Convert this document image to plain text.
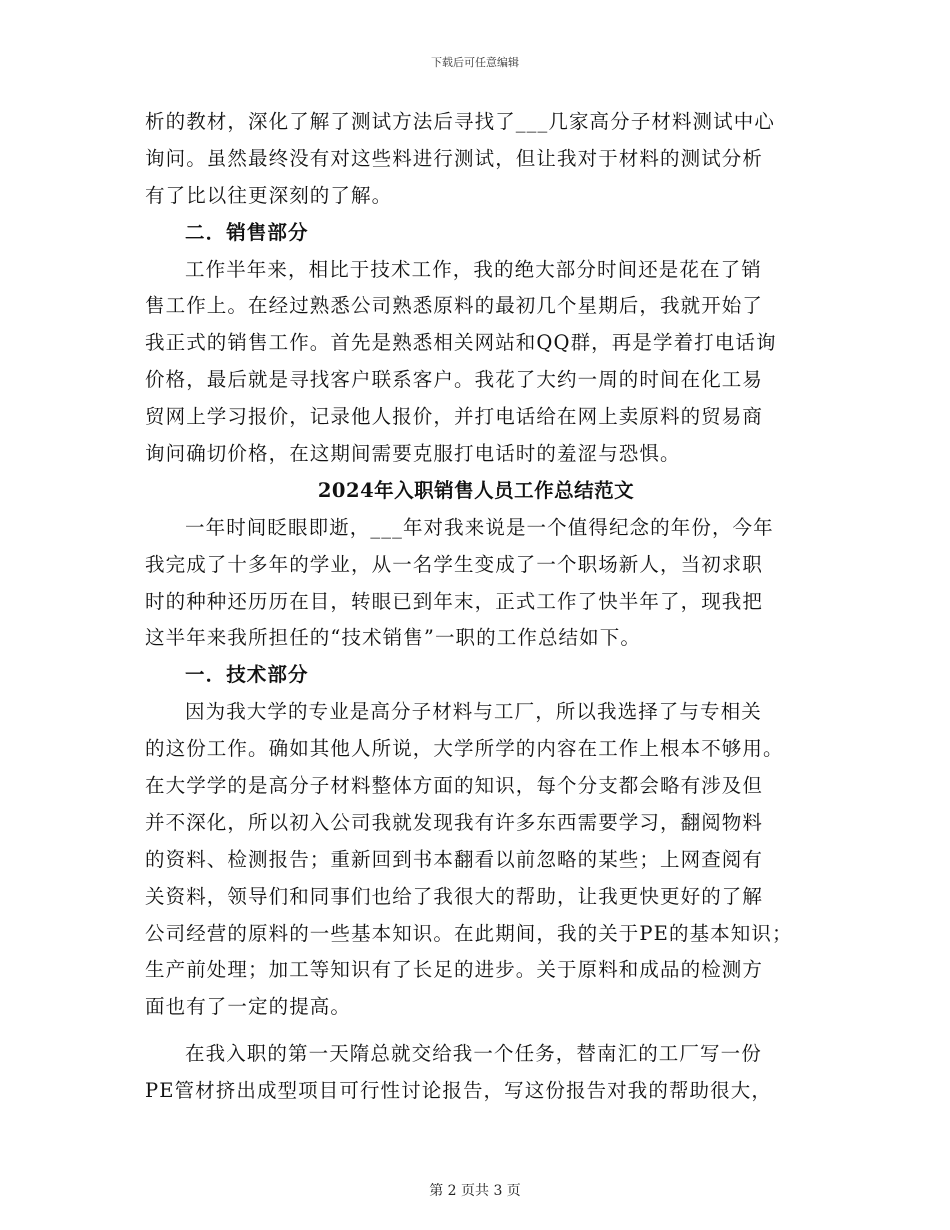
下载后可任意编辑
析的教材，深化了解了测试方法后寻找了___几家高分子材料测试中心
询问。虽然最终没有对这些料进行测试，但让我对于材料的测试分析
有了比以往更深刻的了解。
二．销售部分
工作半年来，相比于技术工作，我的绝大部分时间还是花在了销
售工作上。在经过熟悉公司熟悉原料的最初几个星期后，我就开始了
我正式的销售工作。首先是熟悉相关网站和QQ群，再是学着打电话询
价格，最后就是寻找客户联系客户。我花了大约一周的时间在化工易
贸网上学习报价，记录他人报价，并打电话给在网上卖原料的贸易商
询问确切价格，在这期间需要克服打电话时的羞涩与恐惧。
2024年入职销售人员工作总结范文
一年时间眨眼即逝，___年对我来说是一个值得纪念的年份，今年
我完成了十多年的学业，从一名学生变成了一个职场新人，当初求职
时的种种还历历在目，转眼已到年末，正式工作了快半年了，现我把
这半年来我所担任的“技术销售”一职的工作总结如下。
一．技术部分
因为我大学的专业是高分子材料与工厂，所以我选择了与专相关
的这份工作。确如其他人所说，大学所学的内容在工作上根本不够用。
在大学学的是高分子材料整体方面的知识，每个分支都会略有涉及但
并不深化，所以初入公司我就发现我有许多东西需要学习，翻阅物料
的资料、检测报告；重新回到书本翻看以前忽略的某些；上网查阅有
关资料，领导们和同事们也给了我很大的帮助，让我更快更好的了解
公司经营的原料的一些基本知识。在此期间，我的关于PE的基本知识；
生产前处理；加工等知识有了长足的进步。关于原料和成品的检测方
面也有了一定的提高。
在我入职的第一天隋总就交给我一个任务，替南汇的工厂写一份
PE管材挤出成型项目可行性讨论报告，写这份报告对我的帮助很大，
第 2 页共 3 页
